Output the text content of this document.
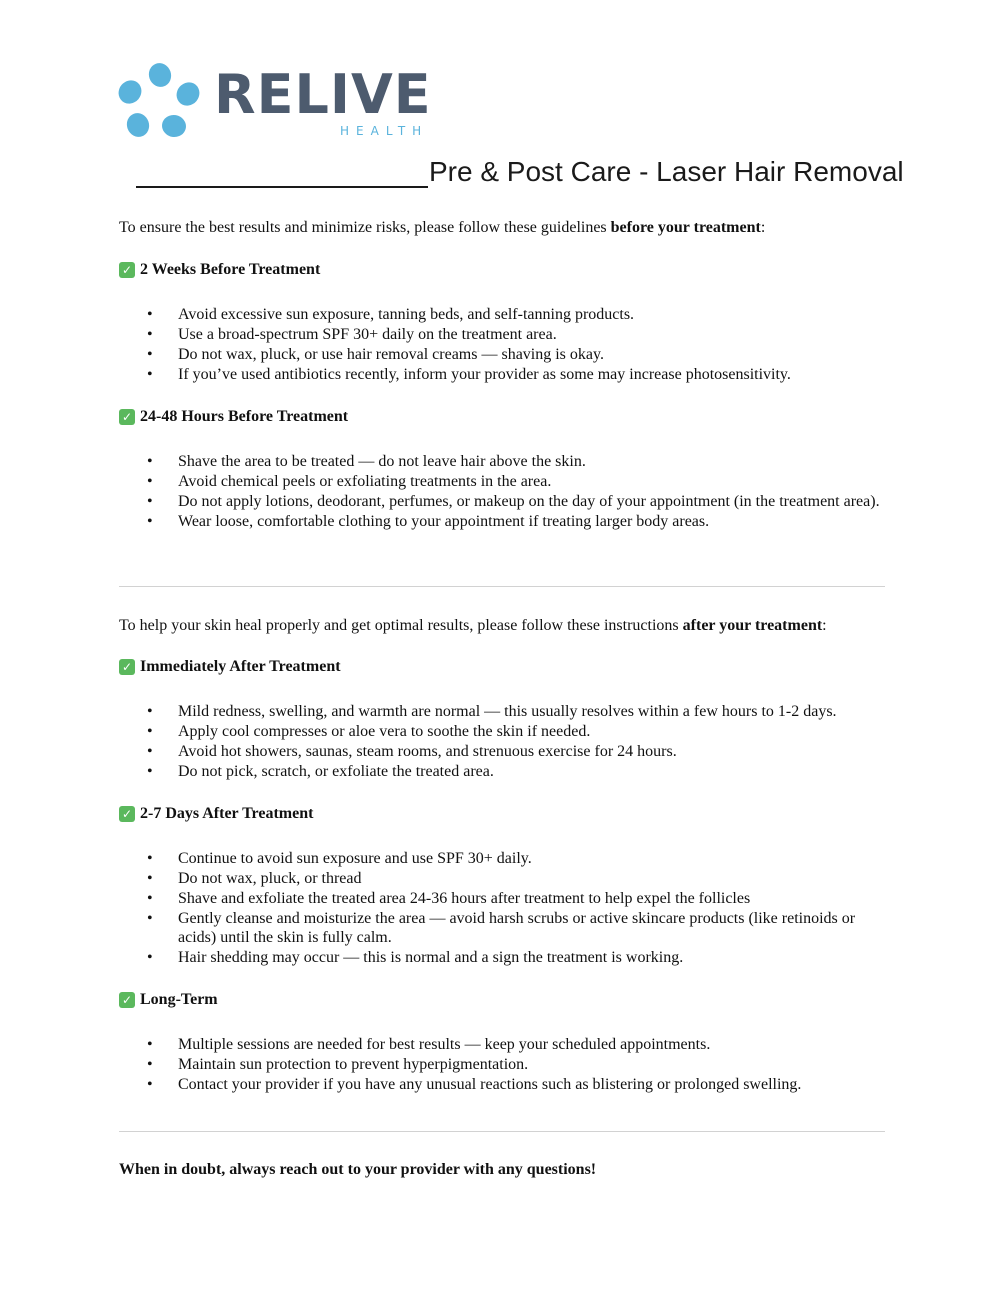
RELIVE
HEALTH
Pre & Post Care - Laser Hair Removal
To ensure the best results and minimize risks, please follow these guidelines before your treatment:
✓ 2 Weeks Before Treatment
• Avoid excessive sun exposure, tanning beds, and self-tanning products.
• Use a broad-spectrum SPF 30+ daily on the treatment area.
• Do not wax, pluck, or use hair removal creams — shaving is okay.
• If you’ve used antibiotics recently, inform your provider as some may increase photosensitivity.
✓ 24-48 Hours Before Treatment
• Shave the area to be treated — do not leave hair above the skin.
• Avoid chemical peels or exfoliating treatments in the area.
• Do not apply lotions, deodorant, perfumes, or makeup on the day of your appointment (in the treatment area).
• Wear loose, comfortable clothing to your appointment if treating larger body areas.
To help your skin heal properly and get optimal results, please follow these instructions after your treatment:
✓ Immediately After Treatment
• Mild redness, swelling, and warmth are normal — this usually resolves within a few hours to 1-2 days.
• Apply cool compresses or aloe vera to soothe the skin if needed.
• Avoid hot showers, saunas, steam rooms, and strenuous exercise for 24 hours.
• Do not pick, scratch, or exfoliate the treated area.
✓ 2-7 Days After Treatment
• Continue to avoid sun exposure and use SPF 30+ daily.
• Do not wax, pluck, or thread
• Shave and exfoliate the treated area 24-36 hours after treatment to help expel the follicles
• Gently cleanse and moisturize the area — avoid harsh scrubs or active skincare products (like retinoids or acids) until the skin is fully calm.
• Hair shedding may occur — this is normal and a sign the treatment is working.
✓ Long-Term
• Multiple sessions are needed for best results — keep your scheduled appointments.
• Maintain sun protection to prevent hyperpigmentation.
• Contact your provider if you have any unusual reactions such as blistering or prolonged swelling.
When in doubt, always reach out to your provider with any questions!
